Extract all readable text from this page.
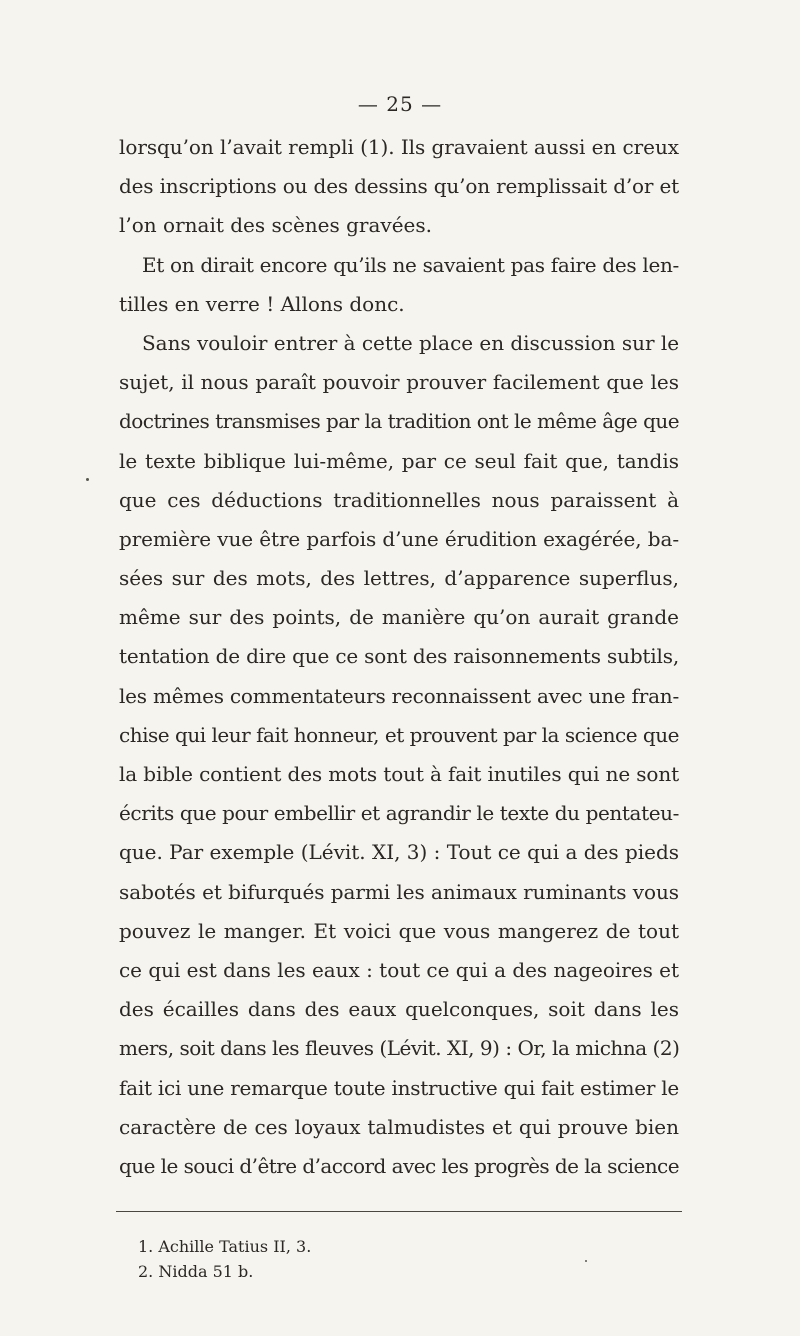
— 25 —
lorsqu’on l’avait rempli (1). Ils gravaient aussi en creux
des inscriptions ou des dessins qu’on remplissait d’or et
l’on ornait des scènes gravées.
Et on dirait encore qu’ils ne savaient pas faire des len-
tilles en verre ! Allons donc.
Sans vouloir entrer à cette place en discussion sur le
sujet, il nous paraît pouvoir prouver facilement que les
doctrines transmises par la tradition ont le même âge que
le texte biblique lui-même, par ce seul fait que, tandis
que ces déductions traditionnelles nous paraissent à
première vue être parfois d’une érudition exagérée, ba-
sées sur des mots, des lettres, d’apparence superflus,
même sur des points, de manière qu’on aurait grande
tentation de dire que ce sont des raisonnements subtils,
les mêmes commentateurs reconnaissent avec une fran-
chise qui leur fait honneur, et prouvent par la science que
la bible contient des mots tout à fait inutiles qui ne sont
écrits que pour embellir et agrandir le texte du pentateu-
que. Par exemple (Lévit. XI, 3) : Tout ce qui a des pieds
sabotés et bifurqués parmi les animaux ruminants vous
pouvez le manger. Et voici que vous mangerez de tout
ce qui est dans les eaux : tout ce qui a des nageoires et
des écailles dans des eaux quelconques, soit dans les
mers, soit dans les fleuves (Lévit. XI, 9) : Or, la michna (2)
fait ici une remarque toute instructive qui fait estimer le
caractère de ces loyaux talmudistes et qui prouve bien
que le souci d’être d’accord avec les progrès de la science
1. Achille Tatius II, 3.
2. Nidda 51 b.
